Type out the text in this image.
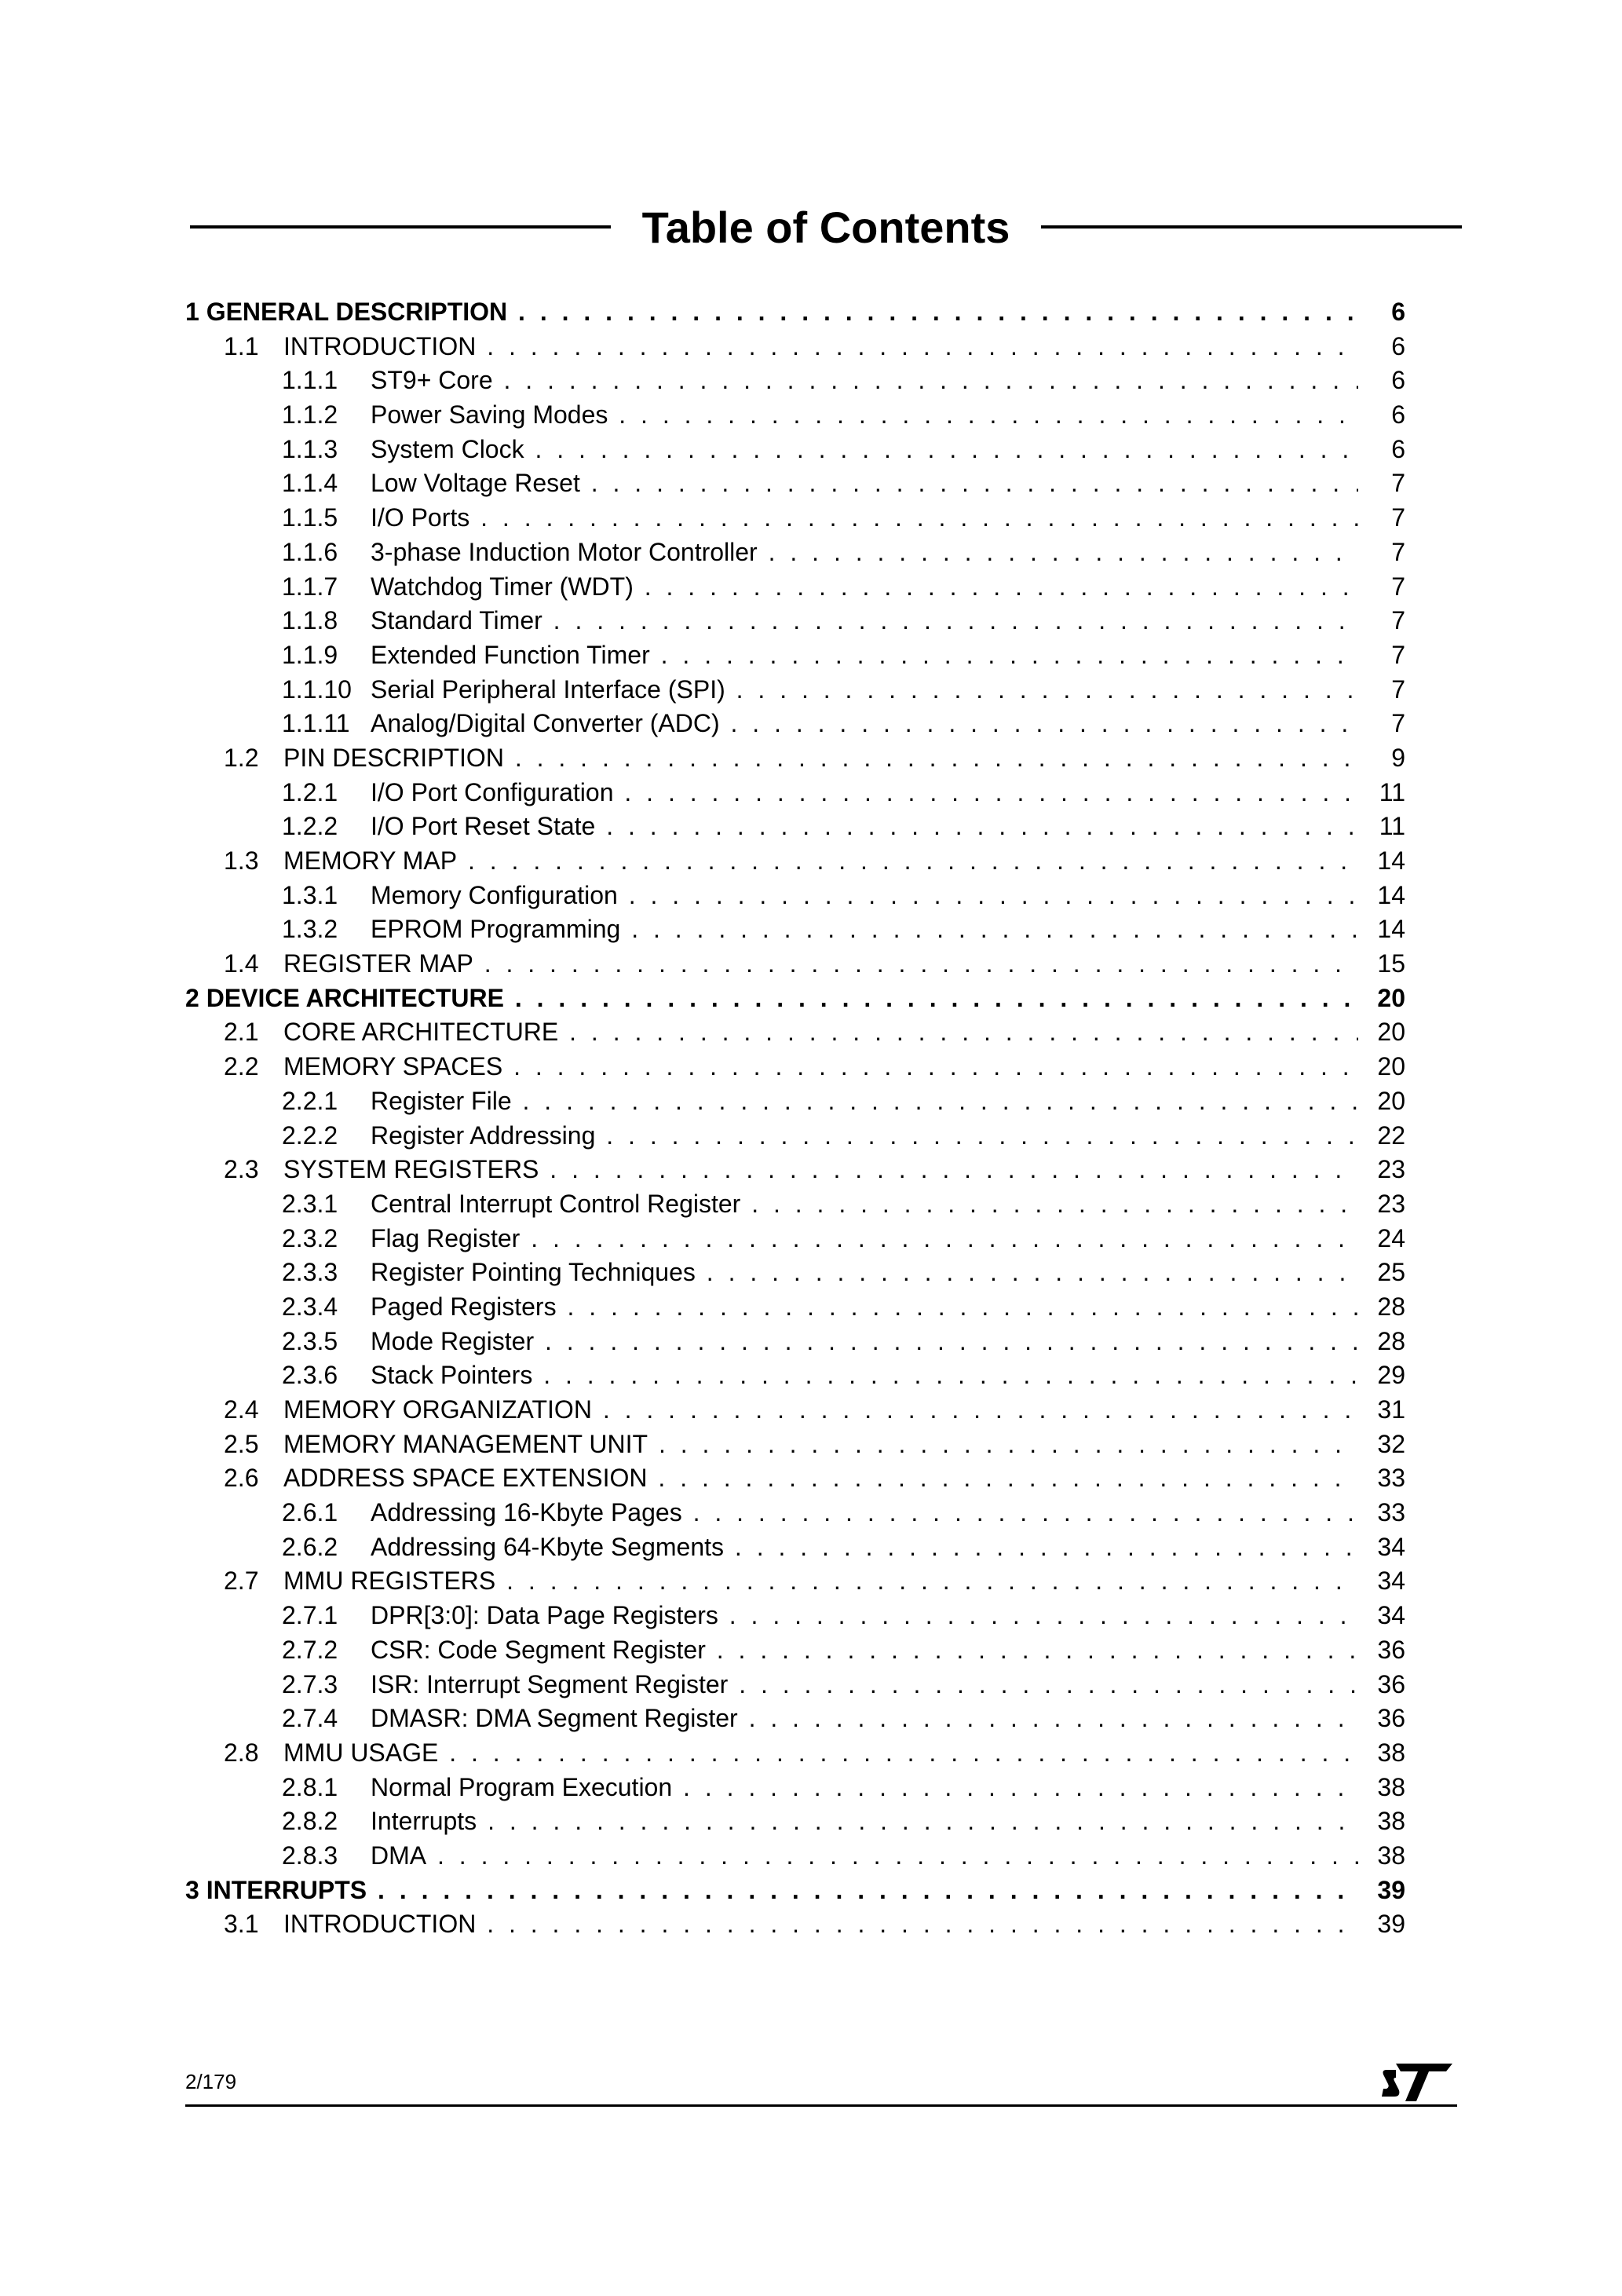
Table of Contents
1 GENERAL DESCRIPTION . . .	6
1.1 INTRODUCTION . . .	6
1.1.1 ST9+ Core . . .	6
1.1.2 Power Saving Modes . . .	6
1.1.3 System Clock . . .	6
1.1.4 Low Voltage Reset . . .	7
1.1.5 I/O Ports . . .	7
1.1.6 3-phase Induction Motor Controller . . .	7
1.1.7 Watchdog Timer (WDT) . . .	7
1.1.8 Standard Timer . . .	7
1.1.9 Extended Function Timer . . .	7
1.1.10 Serial Peripheral Interface (SPI) . . .	7
1.1.11 Analog/Digital Converter (ADC) . . .	7
1.2 PIN DESCRIPTION . . .	9
1.2.1 I/O Port Configuration . . .	11
1.2.2 I/O Port Reset State . . .	11
1.3 MEMORY MAP . . .	14
1.3.1 Memory Configuration . . .	14
1.3.2 EPROM Programming . . .	14
1.4 REGISTER MAP . . .	15
2 DEVICE ARCHITECTURE . . .	20
2.1 CORE ARCHITECTURE . . .	20
2.2 MEMORY SPACES . . .	20
2.2.1 Register File . . .	20
2.2.2 Register Addressing . . .	22
2.3 SYSTEM REGISTERS . . .	23
2.3.1 Central Interrupt Control Register . . .	23
2.3.2 Flag Register . . .	24
2.3.3 Register Pointing Techniques . . .	25
2.3.4 Paged Registers . . .	28
2.3.5 Mode Register . . .	28
2.3.6 Stack Pointers . . .	29
2.4 MEMORY ORGANIZATION . . .	31
2.5 MEMORY MANAGEMENT UNIT . . .	32
2.6 ADDRESS SPACE EXTENSION . . .	33
2.6.1 Addressing 16-Kbyte Pages . . .	33
2.6.2 Addressing 64-Kbyte Segments . . .	34
2.7 MMU REGISTERS . . .	34
2.7.1 DPR[3:0]: Data Page Registers . . .	34
2.7.2 CSR: Code Segment Register . . .	36
2.7.3 ISR: Interrupt Segment Register . . .	36
2.7.4 DMASR: DMA Segment Register . . .	36
2.8 MMU USAGE . . .	38
2.8.1 Normal Program Execution . . .	38
2.8.2 Interrupts . . .	38
2.8.3 DMA . . .	38
3 INTERRUPTS . . .	39
3.1 INTRODUCTION . . .	39
2/179
